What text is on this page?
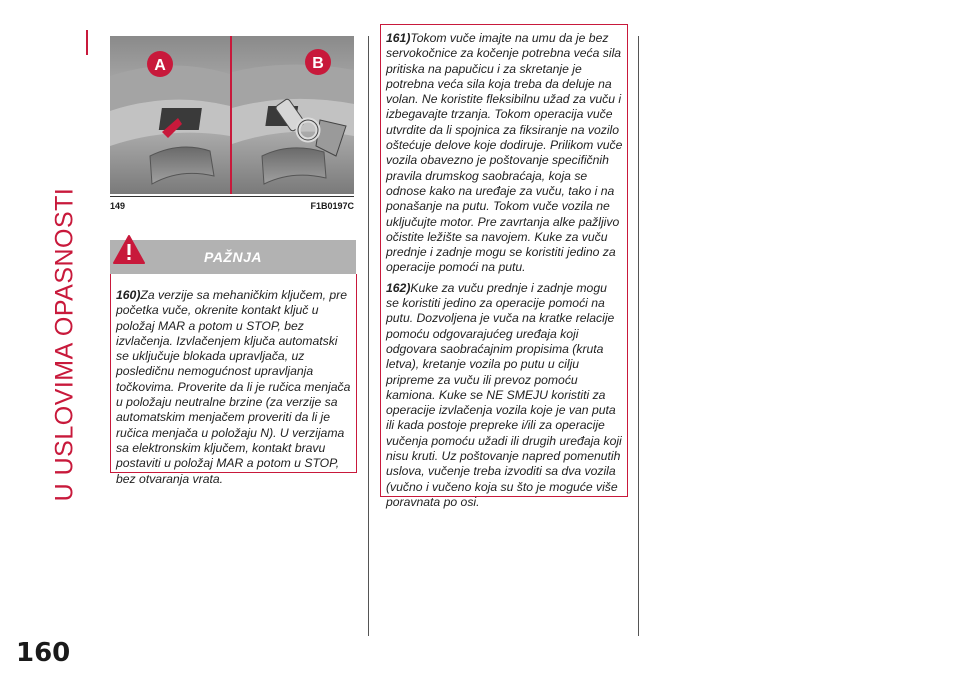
U USLOVIMA OPASNOSTI
160
A	B
149	F1B0197C
PAŽNJA

160)Za verzije sa mehaničkim ključem, pre početka vuče, okrenite kontakt ključ u položaj MAR a potom u STOP, bez izvlačenja. Izvlačenjem ključa automatski se uključuje blokada upravljača, uz posledičnu nemogućnost upravljanja točkovima. Proverite da li je ručica menjača u položaju neutralne brzine (za verzije sa automatskim menjačem proveriti da li je ručica menjača u položaju N). U verzijama sa elektronskim ključem, kontakt bravu postaviti u položaj MAR a potom u STOP, bez otvaranja vrata.

161)Tokom vuče imajte na umu da je bez servokočnice za kočenje potrebna veća sila pritiska na papučicu i za skretanje je potrebna veća sila koja treba da deluje na volan. Ne koristite fleksibilnu užad za vuču i izbegavajte trzanja. Tokom operacija vuče utvrdite da li spojnica za fiksiranje na vozilo oštećuje delove koje dodiruje. Prilikom vuče vozila obavezno je poštovanje specifičnih pravila drumskog saobraćaja, koja se odnose kako na uređaje za vuču, tako i na ponašanje na putu. Tokom vuče vozila ne uključujte motor. Pre zavrtanja alke pažljivo očistite ležište sa navojem. Kuke za vuču prednje i zadnje mogu se koristiti jedino za operacije pomoći na putu.

162)Kuke za vuču prednje i zadnje mogu se koristiti jedino za operacije pomoći na putu. Dozvoljena je vuča na kratke relacije pomoću odgovarajućeg uređaja koji odgovara saobraćajnim propisima (kruta letva), kretanje vozila po putu u cilju pripreme za vuču ili prevoz pomoću kamiona. Kuke se NE SMEJU koristiti za operacije izvlačenja vozila koje je van puta ili kada postoje prepreke i/ili za operacije vučenja pomoću užadi ili drugih uređaja koji nisu kruti. Uz poštovanje napred pomenutih uslova, vučenje treba izvoditi sa dva vozila (vučno i vučeno koja su što je moguće više poravnata po osi.
